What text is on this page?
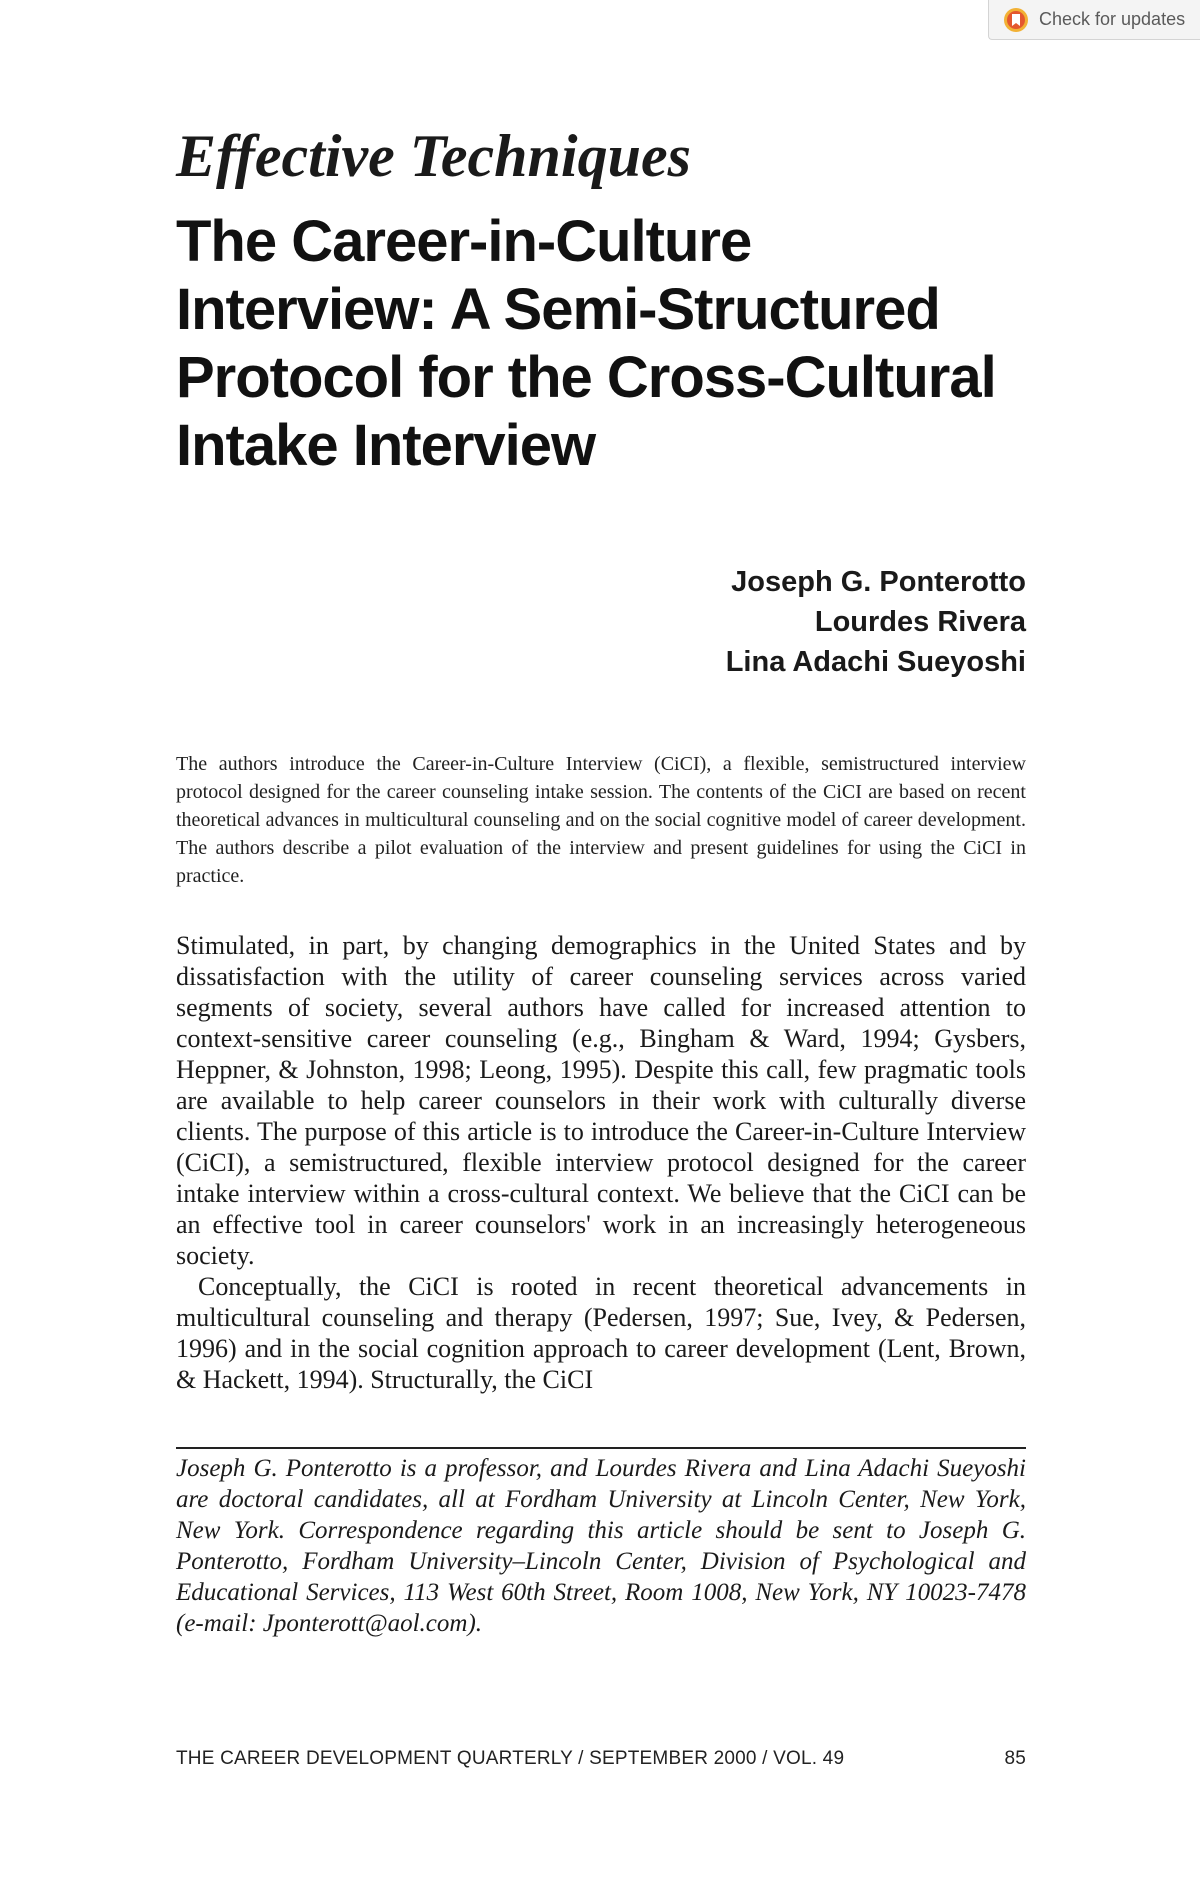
Check for updates
Effective Techniques
The Career-in-Culture Interview: A Semi-Structured Protocol for the Cross-Cultural Intake Interview
Joseph G. Ponterotto
Lourdes Rivera
Lina Adachi Sueyoshi
The authors introduce the Career-in-Culture Interview (CiCI), a flexible, semistructured interview protocol designed for the career counseling intake session. The contents of the CiCI are based on recent theoretical advances in multicultural counseling and on the social cognitive model of career development. The authors describe a pilot evaluation of the interview and present guidelines for using the CiCI in practice.

Stimulated, in part, by changing demographics in the United States and by dissatisfaction with the utility of career counseling services across varied segments of society, several authors have called for increased attention to context-sensitive career counseling (e.g., Bingham & Ward, 1994; Gysbers, Heppner, & Johnston, 1998; Leong, 1995). Despite this call, few pragmatic tools are available to help career counselors in their work with culturally diverse clients. The purpose of this article is to introduce the Career-in-Culture Interview (CiCI), a semistructured, flexible interview protocol designed for the career intake interview within a cross-cultural context. We believe that the CiCI can be an effective tool in career counselors' work in an increasingly heterogeneous society.

Conceptually, the CiCI is rooted in recent theoretical advancements in multicultural counseling and therapy (Pedersen, 1997; Sue, Ivey, & Pedersen, 1996) and in the social cognition approach to career development (Lent, Brown, & Hackett, 1994). Structurally, the CiCI

Joseph G. Ponterotto is a professor, and Lourdes Rivera and Lina Adachi Sueyoshi are doctoral candidates, all at Fordham University at Lincoln Center, New York, New York. Correspondence regarding this article should be sent to Joseph G. Ponterotto, Fordham University–Lincoln Center, Division of Psychological and Educational Services, 113 West 60th Street, Room 1008, New York, NY 10023-7478 (e-mail: Jponterott@aol.com).
THE CAREER DEVELOPMENT QUARTERLY / SEPTEMBER 2000 / VOL. 49	85
